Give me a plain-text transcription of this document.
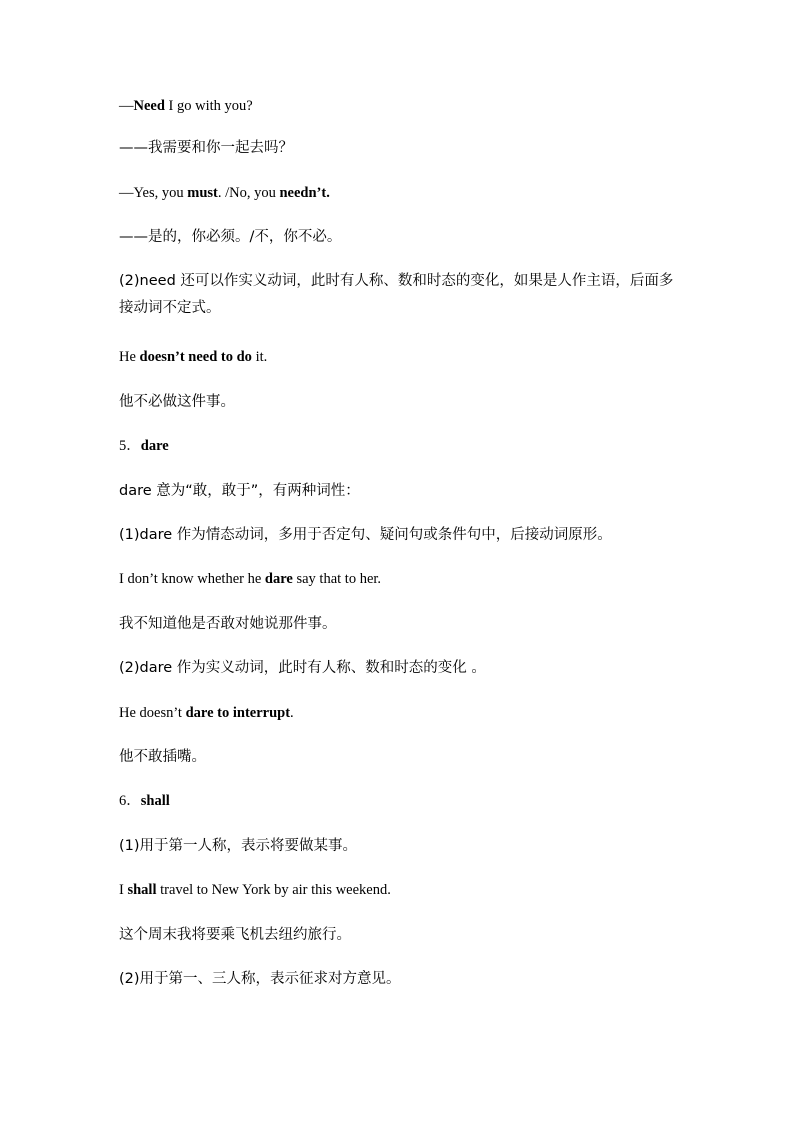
—Need I go with you?
——我需要和你一起去吗？
—Yes, you must. /No, you needn’t.
——是的，你必须。/不，你不必。
(2)need 还可以作实义动词，此时有人称、数和时态的变化，如果是人作主语，后面多接动词不定式。
He doesn’t need to do it.
他不必做这件事。
5．dare
dare 意为“敢，敢于”，有两种词性：
(1)dare 作为情态动词，多用于否定句、疑问句或条件句中，后接动词原形。
I don’t know whether he dare say that to her.
我不知道他是否敢对她说那件事。
(2)dare 作为实义动词，此时有人称、数和时态的变化 。
He doesn’t dare to interrupt.
他不敢插嘴。
6．shall
(1)用于第一人称，表示将要做某事。
I shall travel to New York by air this weekend.
这个周末我将要乘飞机去纽约旅行。
(2)用于第一、三人称，表示征求对方意见。
